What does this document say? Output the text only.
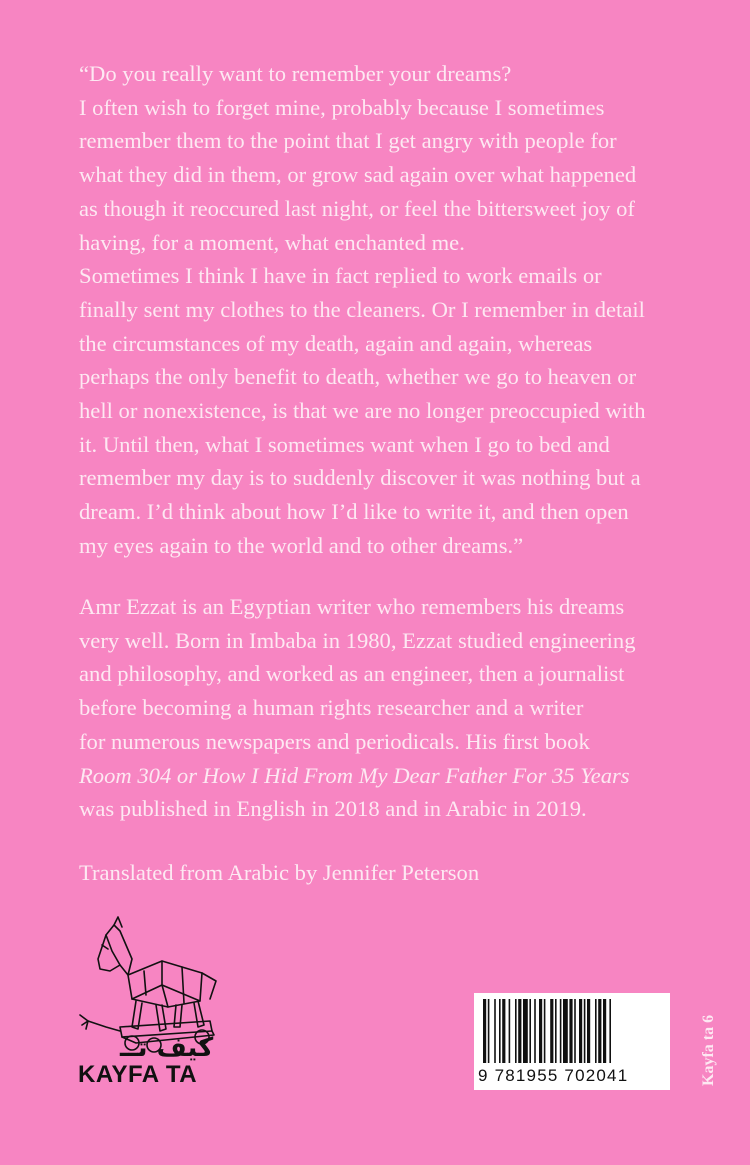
“Do you really want to remember your dreams?

I often wish to forget mine, probably because I sometimes

remember them to the point that I get angry with people for

what they did in them, or grow sad again over what happened

as though it reoccured last night, or feel the bittersweet joy of

having, for a moment, what enchanted me.

Sometimes I think I have in fact replied to work emails or

finally sent my clothes to the cleaners. Or I remember in detail

the circumstances of my death, again and again, whereas

perhaps the only benefit to death, whether we go to heaven or

hell or nonexistence, is that we are no longer preoccupied with

it. Until then, what I sometimes want when I go to bed and

remember my day is to suddenly discover it was nothing but a

dream. I’d think about how I’d like to write it, and then open

my eyes again to the world and to other dreams.”

Amr Ezzat is an Egyptian writer who remembers his dreams
very well. Born in Imbaba in 1980, Ezzat studied engineering
and philosophy, and worked as an engineer, then a journalist
before becoming a human rights researcher and a writer
for numerous newspapers and periodicals. His first book
Room 304 or How I Hid From My Dear Father For 35 Years
was published in English in 2018 and in Arabic in 2019.
Translated from Arabic by Jennifer Peterson
كيف تــ
KAYFA TA	9 781955 702041	Kayfa ta 6
